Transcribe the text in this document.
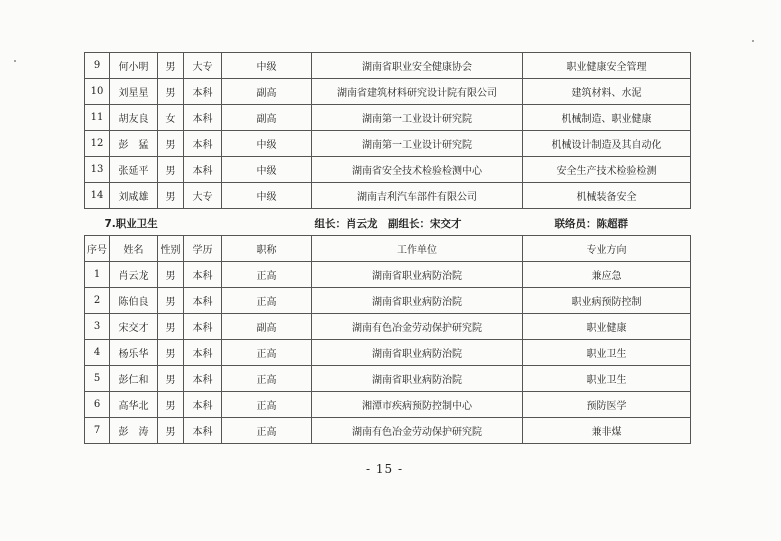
9	何小明	男	大专	中级	湖南省职业安全健康协会	职业健康安全管理
10	刘星星	男	本科	副高	湖南省建筑材料研究设计院有限公司	建筑材料、水泥
11	胡友良	女	本科	副高	湖南第一工业设计研究院	机械制造、职业健康
12	彭　猛	男	本科	中级	湖南第一工业设计研究院	机械设计制造及其自动化
13	张延平	男	本科	中级	湖南省安全技术检验检测中心	安全生产技术检验检测
14	刘咸雄	男	大专	中级	湖南吉利汽车部件有限公司	机械装备安全

7.职业卫生 组长：肖云龙　副组长：宋交才 联络员：陈超群						

序号	姓名	性别	学历	职称	工作单位	专业方向
1	肖云龙	男	本科	正高	湖南省职业病防治院	兼应急
2	陈伯良	男	本科	正高	湖南省职业病防治院	职业病预防控制
3	宋交才	男	本科	副高	湖南有色冶金劳动保护研究院	职业健康
4	杨乐华	男	本科	正高	湖南省职业病防治院	职业卫生
5	彭仁和	男	本科	正高	湖南省职业病防治院	职业卫生
6	高华北	男	本科	正高	湘潭市疾病预防控制中心	预防医学
7	彭　涛	男	本科	正高	湖南有色冶金劳动保护研究院	兼非煤
- 15 -
